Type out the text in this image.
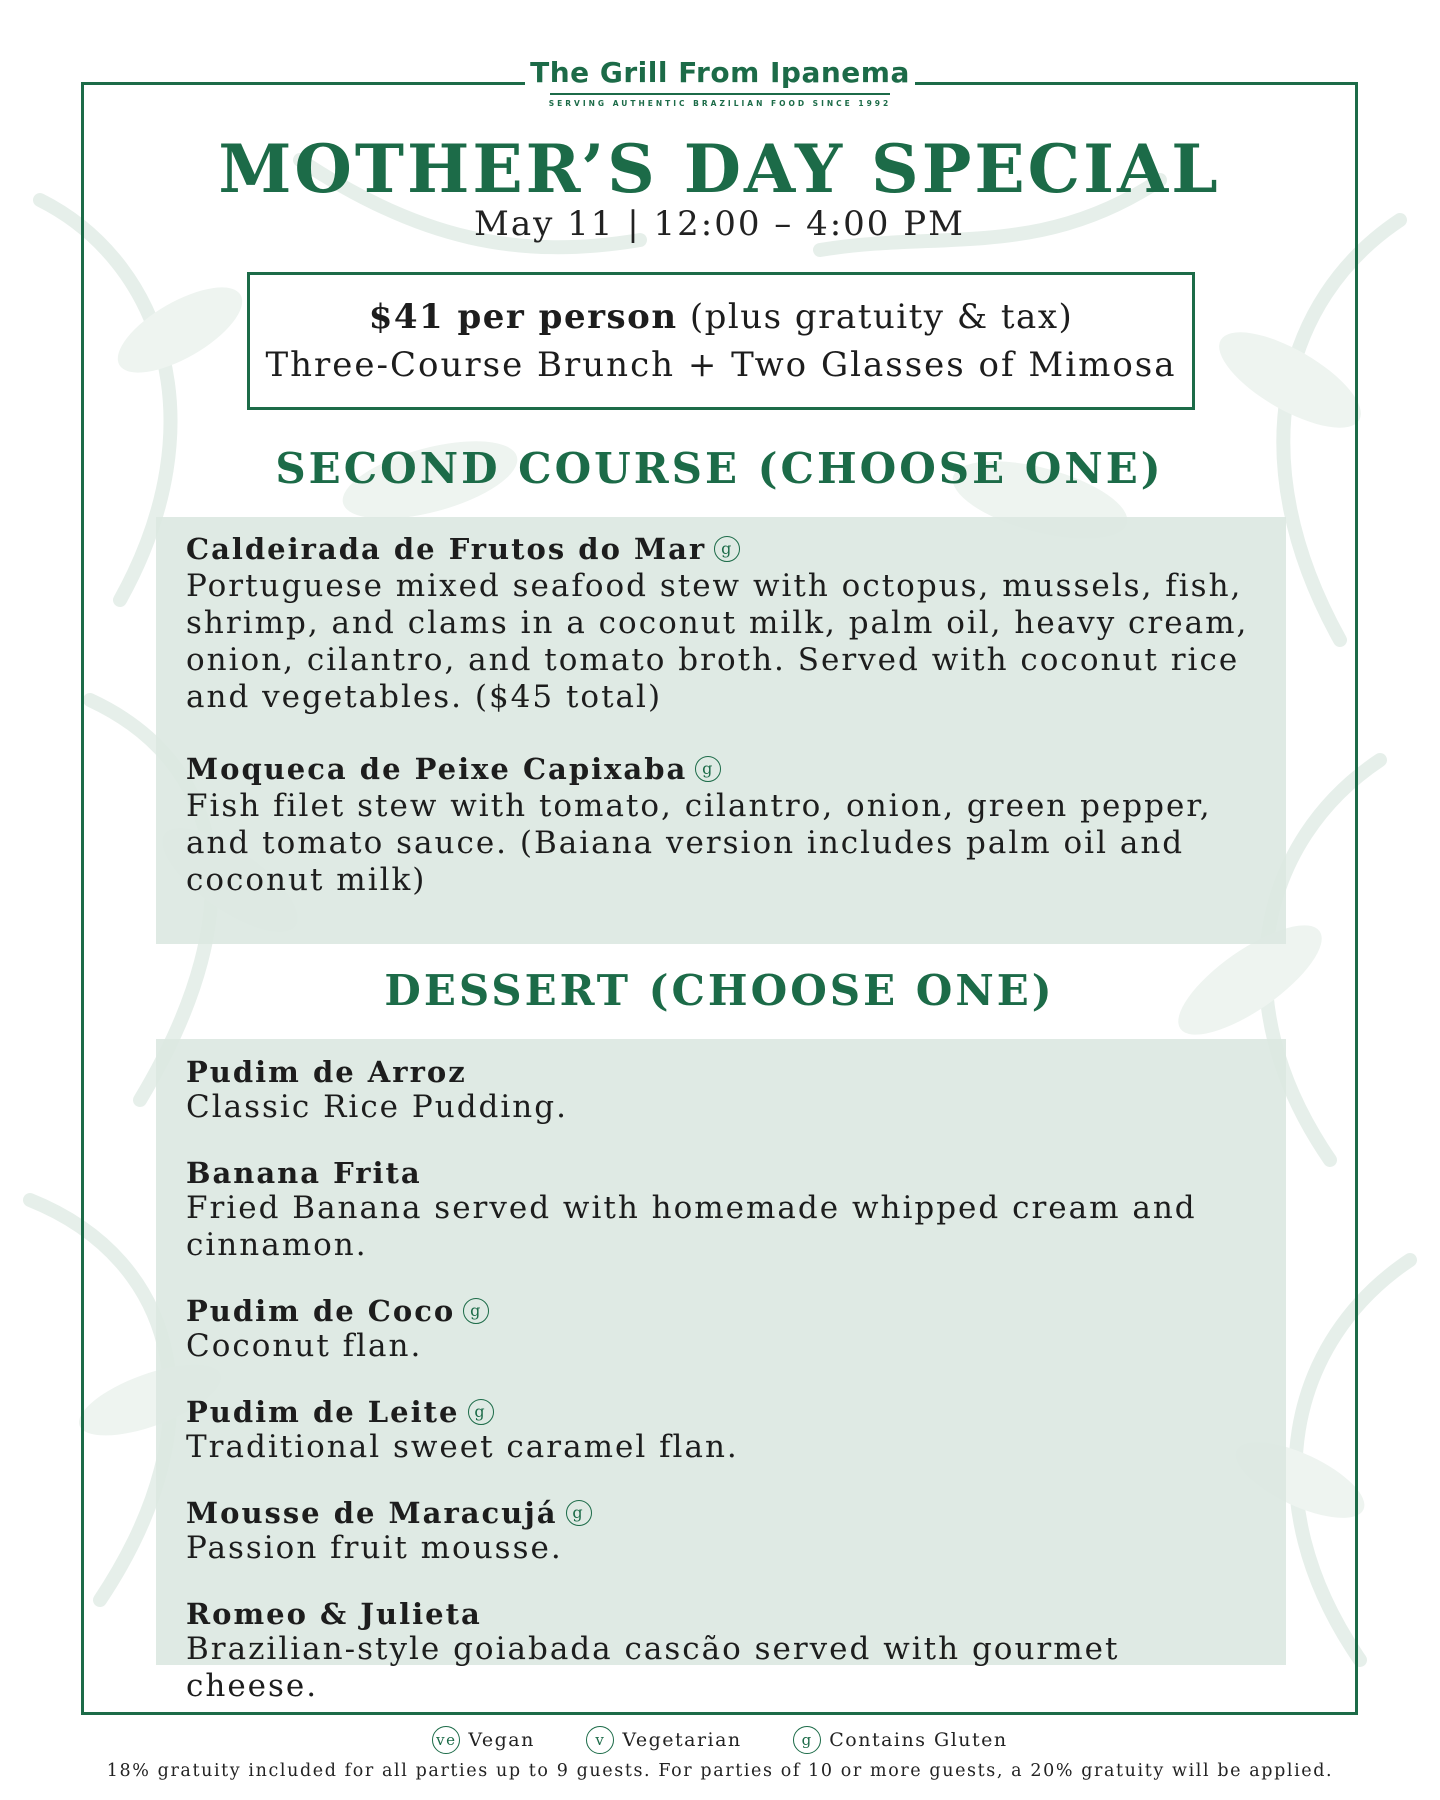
The Grill From Ipanema
SERVING AUTHENTIC BRAZILIAN FOOD SINCE 1992
MOTHER’S DAY SPECIAL
May 11 | 12:00 – 4:00 PM
$41 per person (plus gratuity & tax)
Three-Course Brunch + Two Glasses of Mimosa
SECOND COURSE (CHOOSE ONE)
Caldeirada de Frutos do Mar g
Portuguese mixed seafood stew with octopus, mussels, fish,
shrimp, and clams in a coconut milk, palm oil, heavy cream,
onion, cilantro, and tomato broth. Served with coconut rice
and vegetables. ($45 total)
Moqueca de Peixe Capixaba g
Fish filet stew with tomato, cilantro, onion, green pepper,
and tomato sauce. (Baiana version includes palm oil and
coconut milk)
DESSERT (CHOOSE ONE)
Pudim de Arroz
Classic Rice Pudding.
Banana Frita
Fried Banana served with homemade whipped cream and cinnamon.
Pudim de Coco g
Coconut flan.
Pudim de Leite g
Traditional sweet caramel flan.
Mousse de Maracujá g
Passion fruit mousse.
Romeo & Julieta
Brazilian-style goiabada cascão served with gourmet cheese.
ve Vegan
	v Vegetarian
	g Contains Gluten
18% gratuity included for all parties up to 9 guests. For parties of 10 or more guests, a 20% gratuity will be applied.
